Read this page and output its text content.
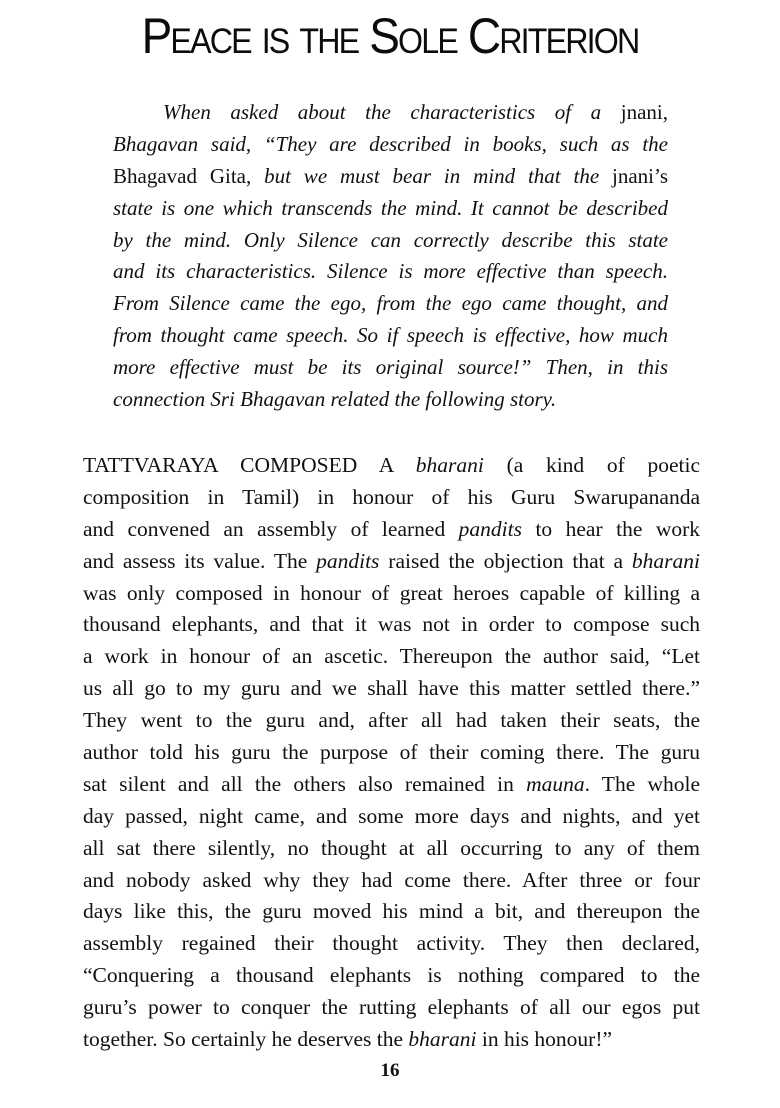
Peace is the Sole Criterion
When asked about the characteristics of a jnani,
Bhagavan said, “They are described in books, such as the
Bhagavad Gita, but we must bear in mind that the jnani’s
state is one which transcends the mind. It cannot be described
by the mind. Only Silence can correctly describe this state
and its characteristics. Silence is more effective than speech.
From Silence came the ego, from the ego came thought, and
from thought came speech. So if speech is effective, how much
more effective must be its original source!” Then, in this
connection Sri Bhagavan related the following story.
TATTVARAYA COMPOSED A bharani (a kind of poetic
composition in Tamil) in honour of his Guru Swarupananda
and convened an assembly of learned pandits to hear the work
and assess its value. The pandits raised the objection that a bharani
was only composed in honour of great heroes capable of killing a
thousand elephants, and that it was not in order to compose such
a work in honour of an ascetic. Thereupon the author said, “Let
us all go to my guru and we shall have this matter settled there.”
They went to the guru and, after all had taken their seats, the
author told his guru the purpose of their coming there. The guru
sat silent and all the others also remained in mauna. The whole
day passed, night came, and some more days and nights, and yet
all sat there silently, no thought at all occurring to any of them
and nobody asked why they had come there. After three or four
days like this, the guru moved his mind a bit, and thereupon the
assembly regained their thought activity. They then declared,
“Conquering a thousand elephants is nothing compared to the
guru’s power to conquer the rutting elephants of all our egos put
together. So certainly he deserves the bharani in his honour!”
16
